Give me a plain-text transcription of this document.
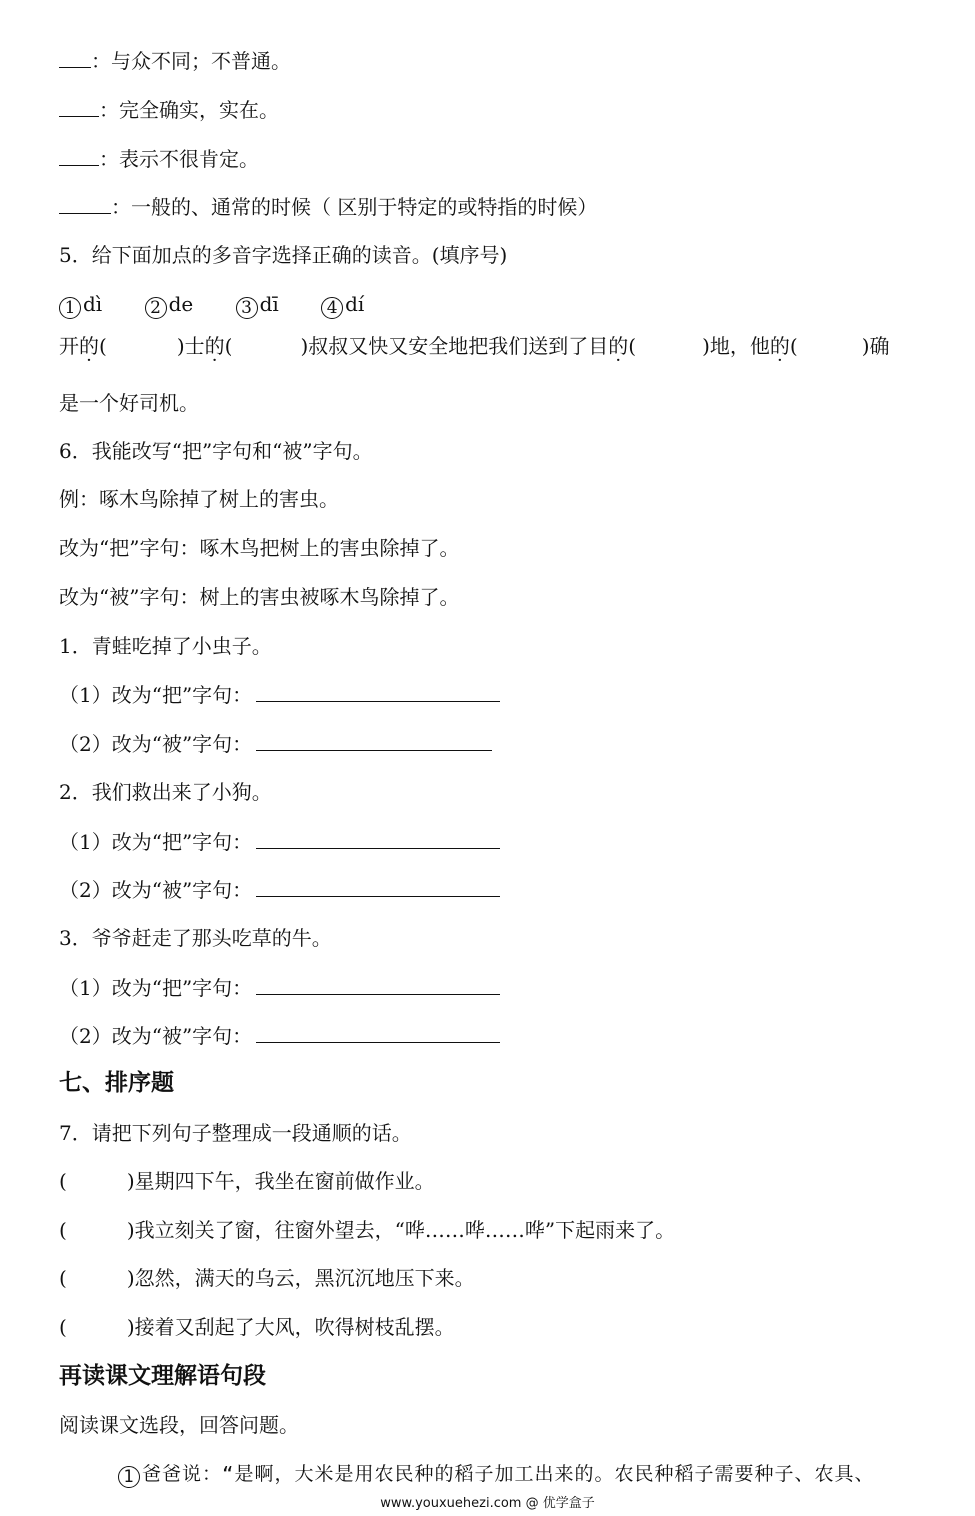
：与众不同；不普通。
：完全确实，实在。
：表示不很肯定。
：一般的、通常的时候（ 区别于特定的或特指的时候）
5．给下面加点的多音字选择正确的读音。(填序号)
1 dì	2 de	3 dī	4 dí
开的(	)士的(	)叔叔又快又安全地把我们送到了目的(	)地，他的(	)确
是一个好司机。
6．我能改写“把”字句和“被”字句。
例：啄木鸟除掉了树上的害虫。
改为“把”字句：啄木鸟把树上的害虫除掉了。
改为“被”字句：树上的害虫被啄木鸟除掉了。
1．青蛙吃掉了小虫子。
（1）改为“把”字句：
（2）改为“被”字句：
2．我们救出来了小狗。
（1）改为“把”字句：
（2）改为“被”字句：
3．爷爷赶走了那头吃草的牛。
（1）改为“把”字句：
（2）改为“被”字句：
七、排序题
7．请把下列句子整理成一段通顺的话。
(	)星期四下午，我坐在窗前做作业。
(	)我立刻关了窗，往窗外望去，“哗……哗……哗”下起雨来了。
(	)忽然，满天的乌云，黑沉沉地压下来。
(	)接着又刮起了大风，吹得树枝乱摆。
再读课文理解语句段
阅读课文选段，回答问题。
1 爸爸说：“是啊，大米是用农民种的稻子加工出来的。农民种稻子需要种子、农具、
www.youxuehezi.com @ 优学盒子
